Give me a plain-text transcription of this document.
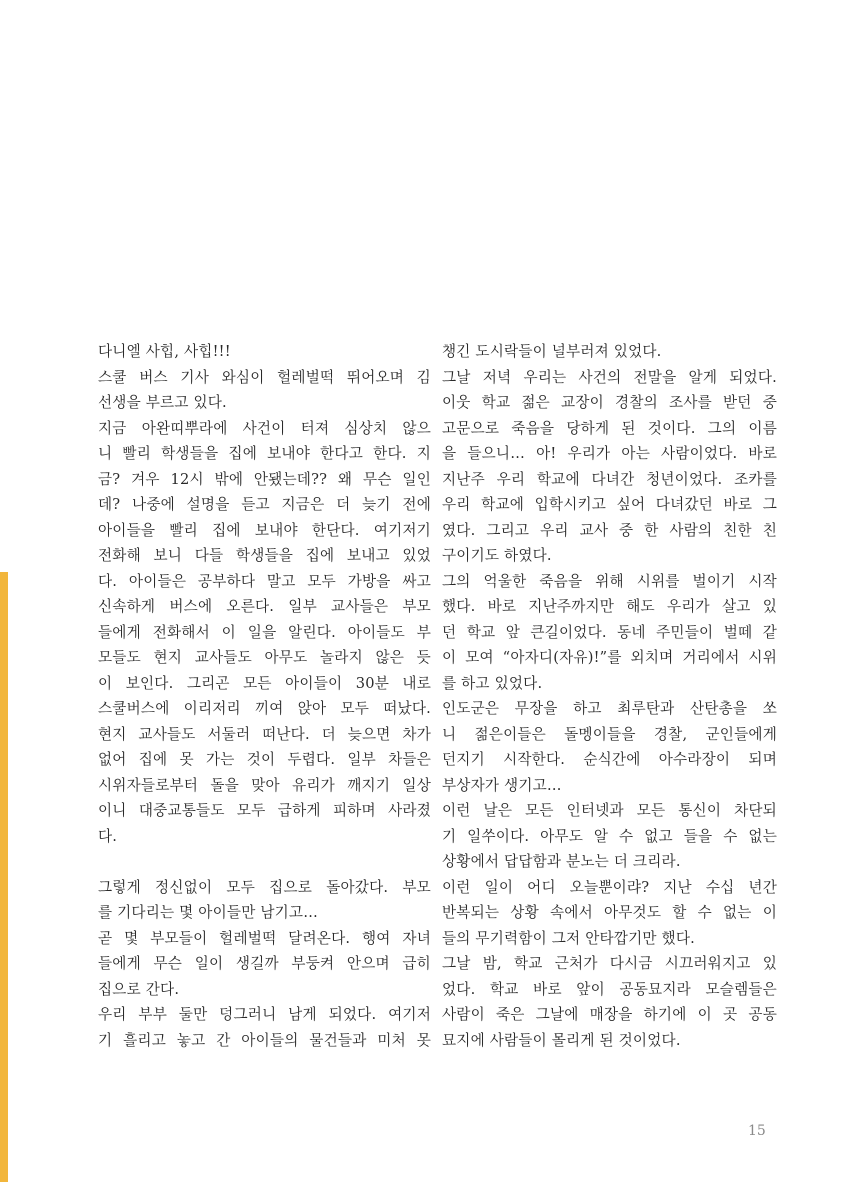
다니엘 사힙, 사힙!!!
스쿨 버스 기사 와심이 헐레벌떡 뛰어오며 김
선생을 부르고 있다.
지금 아완띠뿌라에 사건이 터져 심상치 않으
니 빨리 학생들을 집에 보내야 한다고 한다. 지
금? 겨우 12시 밖에 안됐는데?? 왜 무슨 일인
데? 나중에 설명을 듣고 지금은 더 늦기 전에
아이들을 빨리 집에 보내야 한단다. 여기저기
전화해 보니 다들 학생들을 집에 보내고 있었
다. 아이들은 공부하다 말고 모두 가방을 싸고
신속하게 버스에 오른다. 일부 교사들은 부모
들에게 전화해서 이 일을 알린다. 아이들도 부
모들도 현지 교사들도 아무도 놀라지 않은 듯
이 보인다. 그리곤 모든 아이들이 30분 내로
스쿨버스에 이리저리 끼여 앉아 모두 떠났다.
현지 교사들도 서둘러 떠난다. 더 늦으면 차가
없어 집에 못 가는 것이 두렵다. 일부 차들은
시위자들로부터 돌을 맞아 유리가 깨지기 일상
이니 대중교통들도 모두 급하게 피하며 사라졌
다.
그렇게 정신없이 모두 집으로 돌아갔다. 부모
를 기다리는 몇 아이들만 남기고…
곧 몇 부모들이 헐레벌떡 달려온다. 행여 자녀
들에게 무슨 일이 생길까 부둥켜 안으며 급히
집으로 간다.
우리 부부 둘만 덩그러니 남게 되었다. 여기저
기 흘리고 놓고 간 아이들의 물건들과 미처 못
챙긴 도시락들이 널부러져 있었다.
그날 저녁 우리는 사건의 전말을 알게 되었다.
이웃 학교 젊은 교장이 경찰의 조사를 받던 중
고문으로 죽음을 당하게 된 것이다. 그의 이름
을 들으니… 아! 우리가 아는 사람이었다. 바로
지난주 우리 학교에 다녀간 청년이었다. 조카를
우리 학교에 입학시키고 싶어 다녀갔던 바로 그
였다. 그리고 우리 교사 중 한 사람의 친한 친
구이기도 하였다.
그의 억울한 죽음을 위해 시위를 벌이기 시작
했다. 바로 지난주까지만 해도 우리가 살고 있
던 학교 앞 큰길이었다. 동네 주민들이 벌떼 같
이 모여 “아자디(자유)!”를 외치며 거리에서 시위
를 하고 있었다.
인도군은 무장을 하고 최루탄과 산탄총을 쏘
니 젊은이들은 돌멩이들을 경찰, 군인들에게
던지기 시작한다. 순식간에 아수라장이 되며
부상자가 생기고…
이런 날은 모든 인터넷과 모든 통신이 차단되
기 일쑤이다. 아무도 알 수 없고 들을 수 없는
상황에서 답답함과 분노는 더 크리라.
이런 일이 어디 오늘뿐이랴? 지난 수십 년간
반복되는 상황 속에서 아무것도 할 수 없는 이
들의 무기력함이 그저 안타깝기만 했다.
그날 밤, 학교 근처가 다시금 시끄러워지고 있
었다. 학교 바로 앞이 공동묘지라 모슬렘들은
사람이 죽은 그날에 매장을 하기에 이 곳 공동
묘지에 사람들이 몰리게 된 것이었다.
15
